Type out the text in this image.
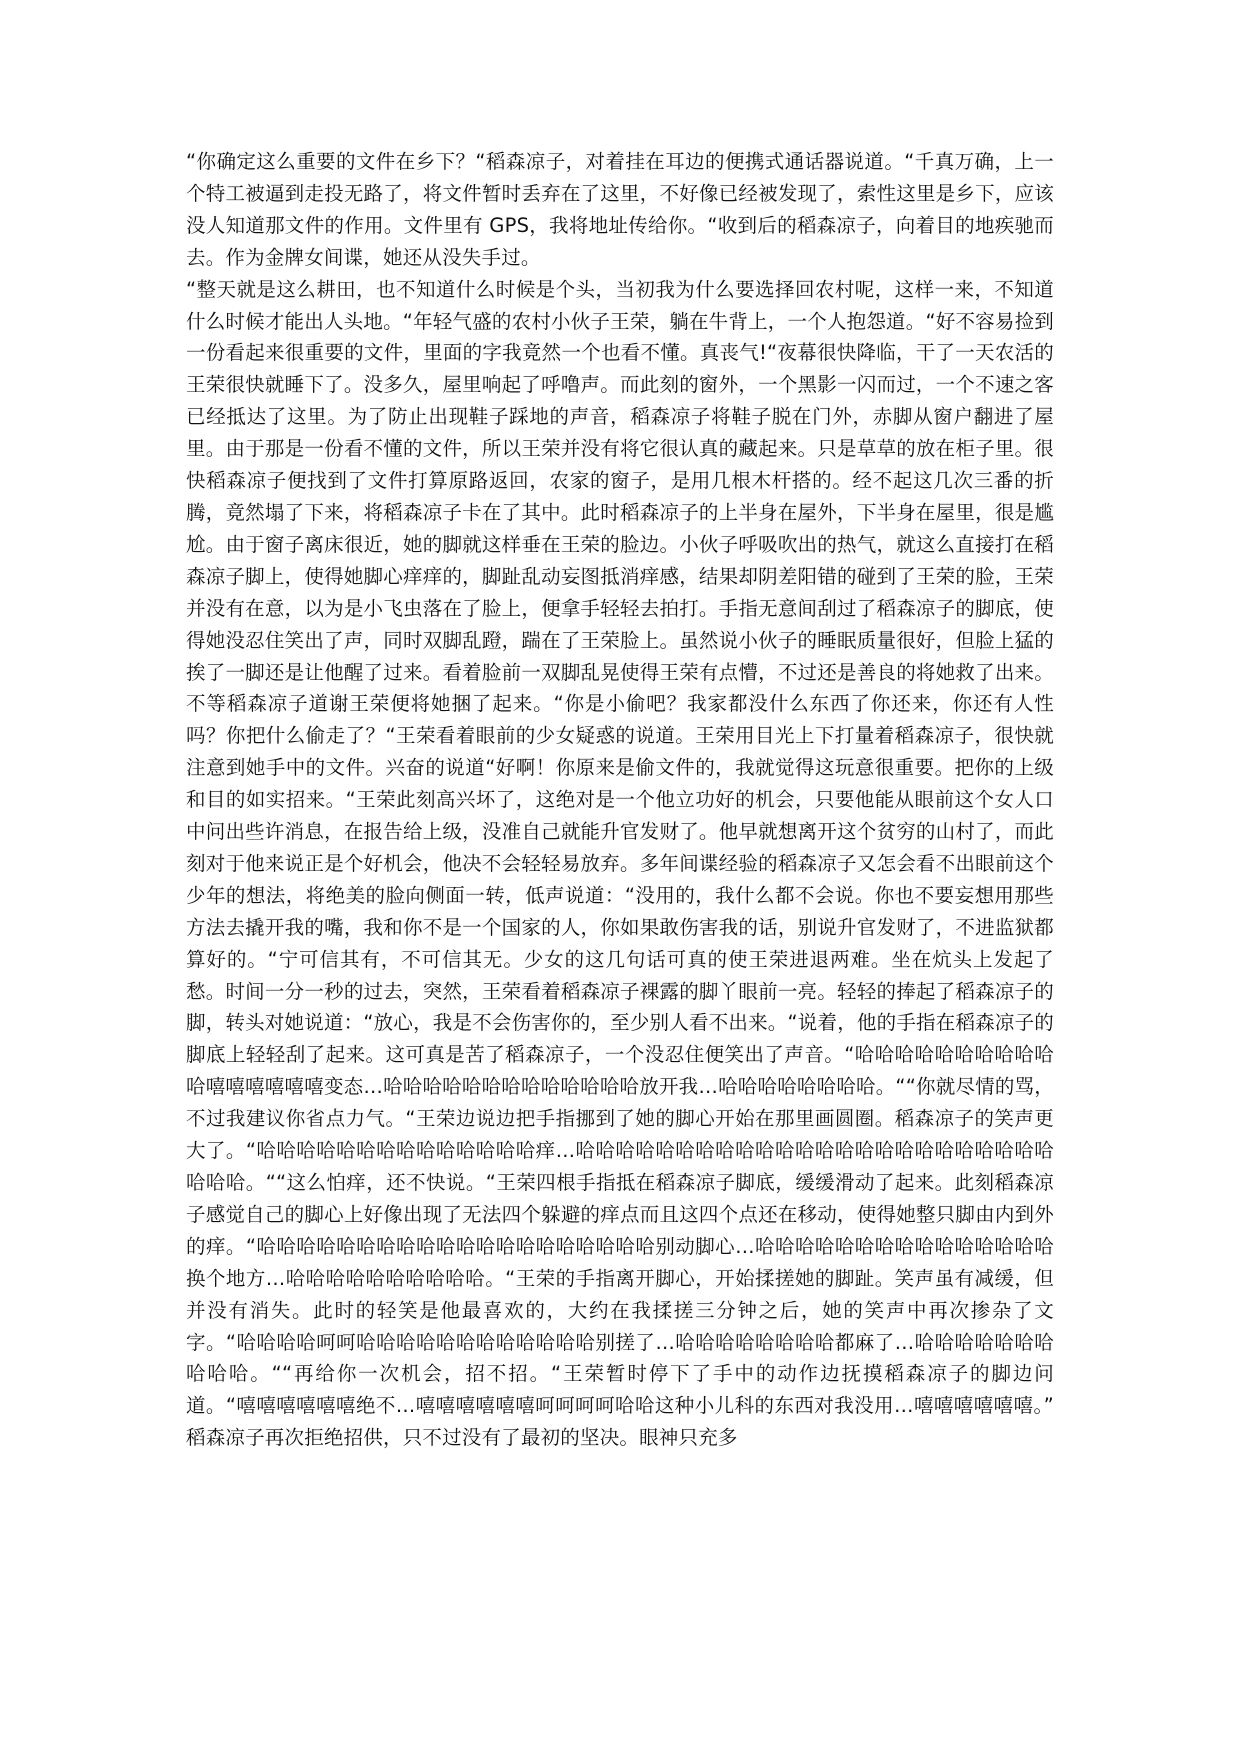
“你确定这么重要的文件在乡下？“稻森凉子，对着挂在耳边的便携式通话器说道。“千真万确，上一个特工被逼到走投无路了，将文件暂时丢弃在了这里，不好像已经被发现了，索性这里是乡下，应该没人知道那文件的作用。文件里有 GPS，我将地址传给你。“收到后的稻森凉子，向着目的地疾驰而去。作为金牌女间谍，她还从没失手过。

“整天就是这么耕田，也不知道什么时候是个头，当初我为什么要选择回农村呢，这样一来，不知道什么时候才能出人头地。“年轻气盛的农村小伙子王荣，躺在牛背上，一个人抱怨道。“好不容易捡到一份看起来很重要的文件，里面的字我竟然一个也看不懂。真丧气!“夜幕很快降临，干了一天农活的王荣很快就睡下了。没多久，屋里响起了呼噜声。而此刻的窗外，一个黑影一闪而过，一个不速之客已经抵达了这里。为了防止出现鞋子踩地的声音，稻森凉子将鞋子脱在门外，赤脚从窗户翻进了屋里。由于那是一份看不懂的文件，所以王荣并没有将它很认真的藏起来。只是草草的放在柜子里。很快稻森凉子便找到了文件打算原路返回，农家的窗子，是用几根木杆搭的。经不起这几次三番的折腾，竟然塌了下来，将稻森凉子卡在了其中。此时稻森凉子的上半身在屋外，下半身在屋里，很是尴尬。由于窗子离床很近，她的脚就这样垂在王荣的脸边。小伙子呼吸吹出的热气，就这么直接打在稻森凉子脚上，使得她脚心痒痒的，脚趾乱动妄图抵消痒感，结果却阴差阳错的碰到了王荣的脸，王荣并没有在意，以为是小飞虫落在了脸上，便拿手轻轻去拍打。手指无意间刮过了稻森凉子的脚底，使得她没忍住笑出了声，同时双脚乱蹬，踹在了王荣脸上。虽然说小伙子的睡眠质量很好，但脸上猛的挨了一脚还是让他醒了过来。看着脸前一双脚乱晃使得王荣有点懵，不过还是善良的将她救了出来。不等稻森凉子道谢王荣便将她捆了起来。“你是小偷吧？我家都没什么东西了你还来，你还有人性吗？你把什么偷走了？“王荣看着眼前的少女疑惑的说道。王荣用目光上下打量着稻森凉子，很快就注意到她手中的文件。兴奋的说道“好啊！你原来是偷文件的，我就觉得这玩意很重要。把你的上级和目的如实招来。“王荣此刻高兴坏了，这绝对是一个他立功好的机会，只要他能从眼前这个女人口中问出些许消息，在报告给上级，没准自己就能升官发财了。他早就想离开这个贫穷的山村了，而此刻对于他来说正是个好机会，他决不会轻轻易放弃。多年间谍经验的稻森凉子又怎会看不出眼前这个少年的想法，将绝美的脸向侧面一转，低声说道：“没用的，我什么都不会说。你也不要妄想用那些方法去撬开我的嘴，我和你不是一个国家的人，你如果敢伤害我的话，别说升官发财了，不进监狱都算好的。“宁可信其有，不可信其无。少女的这几句话可真的使王荣进退两难。坐在炕头上发起了愁。时间一分一秒的过去，突然，王荣看着稻森凉子裸露的脚丫眼前一亮。轻轻的捧起了稻森凉子的脚，转头对她说道：“放心，我是不会伤害你的，至少别人看不出来。“说着，他的手指在稻森凉子的脚底上轻轻刮了起来。这可真是苦了稻森凉子，一个没忍住便笑出了声音。“哈哈哈哈哈哈哈哈哈哈哈嘻嘻嘻嘻嘻嘻变态…哈哈哈哈哈哈哈哈哈哈哈哈哈放开我…哈哈哈哈哈哈哈哈。““你就尽情的骂，不过我建议你省点力气。“王荣边说边把手指挪到了她的脚心开始在那里画圆圈。稻森凉子的笑声更大了。“哈哈哈哈哈哈哈哈哈哈哈哈哈哈痒…哈哈哈哈哈哈哈哈哈哈哈哈哈哈哈哈哈哈哈哈哈哈哈哈哈哈哈。““这么怕痒，还不快说。“王荣四根手指抵在稻森凉子脚底，缓缓滑动了起来。此刻稻森凉子感觉自己的脚心上好像出现了无法四个躲避的痒点而且这四个点还在移动，使得她整只脚由内到外的痒。“哈哈哈哈哈哈哈哈哈哈哈哈哈哈哈哈哈哈哈哈别动脚心…哈哈哈哈哈哈哈哈哈哈哈哈哈哈哈换个地方…哈哈哈哈哈哈哈哈哈哈。“王荣的手指离开脚心，开始揉搓她的脚趾。笑声虽有减缓，但并没有消失。此时的轻笑是他最喜欢的，大约在我揉搓三分钟之后，她的笑声中再次掺杂了文字。“哈哈哈哈呵呵哈哈哈哈哈哈哈哈哈哈哈哈别搓了…哈哈哈哈哈哈哈哈都麻了…哈哈哈哈哈哈哈哈哈哈。““再给你一次机会，招不招。“王荣暂时停下了手中的动作边抚摸稻森凉子的脚边问道。“嘻嘻嘻嘻嘻嘻绝不…嘻嘻嘻嘻嘻嘻呵呵呵呵哈哈这种小儿科的东西对我没用…嘻嘻嘻嘻嘻嘻。” 稻森凉子再次拒绝招供，只不过没有了最初的坚决。眼神只充多
